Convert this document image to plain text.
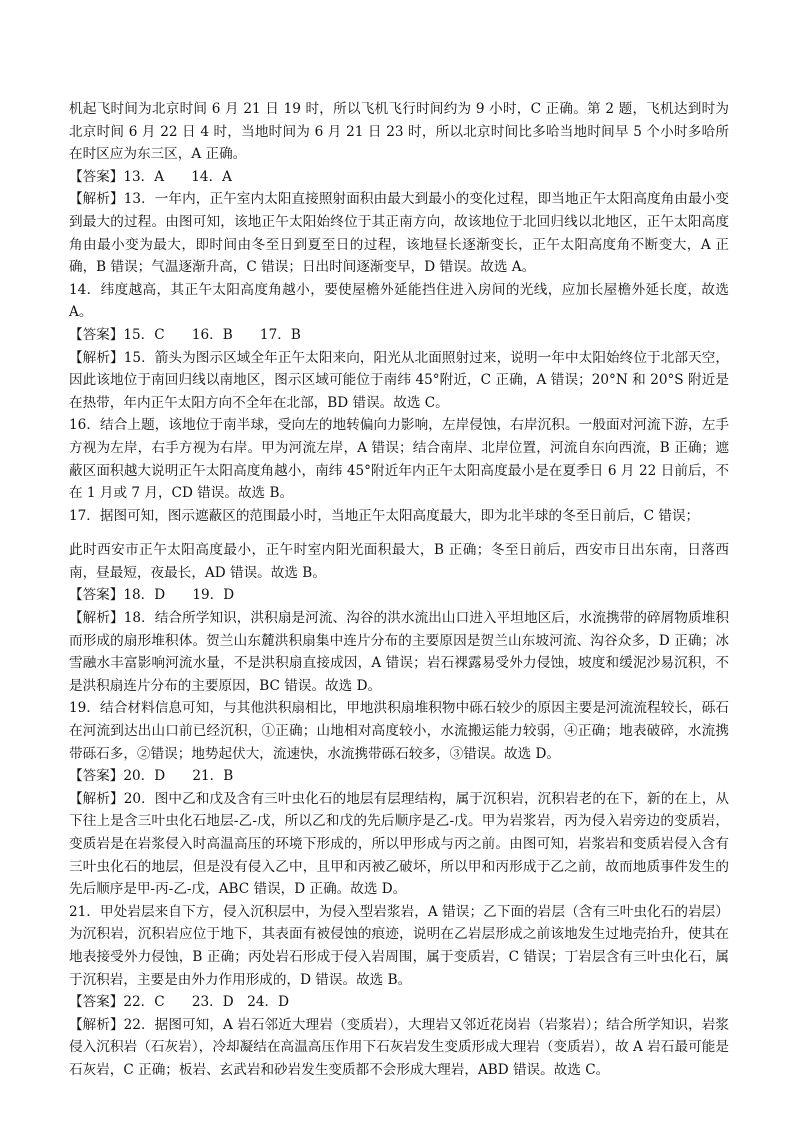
机起飞时间为北京时间 6 月 21 日 19 时，所以飞机飞行时间约为 9 小时，C 正确。第 2 题，飞机达到时为北京时间 6 月 22 日 4 时，当地时间为 6 月 21 日 23 时，所以北京时间比多哈当地时间早 5 个小时多哈所在时区应为东三区，A 正确。

【答案】13．A　　14．A

【解析】13．一年内，正午室内太阳直接照射面积由最大到最小的变化过程，即当地正午太阳高度角由最小变到最大的过程。由图可知，该地正午太阳始终位于其正南方向，故该地位于北回归线以北地区，正午太阳高度角由最小变为最大，即时间由冬至日到夏至日的过程，该地昼长逐渐变长，正午太阳高度角不断变大，A 正确，B 错误；气温逐渐升高，C 错误；日出时间逐渐变早，D 错误。故选 A。

14．纬度越高，其正午太阳高度角越小，要使屋檐外延能挡住进入房间的光线，应加长屋檐外延长度，故选 A。

【答案】15．C　　16．B　　17．B

【解析】15．箭头为图示区域全年正午太阳来向，阳光从北面照射过来，说明一年中太阳始终位于北部天空，因此该地位于南回归线以南地区，图示区域可能位于南纬 45°附近，C 正确，A 错误；20°N 和 20°S 附近是在热带，年内正午太阳方向不全年在北部，BD 错误。故选 C。

16．结合上题，该地位于南半球，受向左的地转偏向力影响，左岸侵蚀，右岸沉积。一般面对河流下游，左手方视为左岸，右手方视为右岸。甲为河流左岸，A 错误；结合南岸、北岸位置，河流自东向西流，B 正确；遮蔽区面积越大说明正午太阳高度角越小，南纬 45°附近年内正午太阳高度最小是在夏季日 6 月 22 日前后，不在 1 月或 7 月，CD 错误。故选 B。

17．据图可知，图示遮蔽区的范围最小时，当地正午太阳高度最大，即为北半球的冬至日前后，C 错误；

此时西安市正午太阳高度最小，正午时室内阳光面积最大，B 正确；冬至日前后，西安市日出东南，日落西南，昼最短，夜最长，AD 错误。故选 B。

【答案】18．D　　19．D

【解析】18．结合所学知识，洪积扇是河流、沟谷的洪水流出山口进入平坦地区后，水流携带的碎屑物质堆积而形成的扇形堆积体。贺兰山东麓洪积扇集中连片分布的主要原因是贺兰山东坡河流、沟谷众多，D 正确；冰雪融水丰富影响河流水量，不是洪积扇直接成因，A 错误；岩石裸露易受外力侵蚀，坡度和缓泥沙易沉积，不是洪积扇连片分布的主要原因，BC 错误。故选 D。

19．结合材料信息可知，与其他洪积扇相比，甲地洪积扇堆积物中砾石较少的原因主要是河流流程较长，砾石在河流到达出山口前已经沉积，①正确；山地相对高度较小，水流搬运能力较弱，④正确；地表破碎，水流携带砾石多，②错误；地势起伏大，流速快，水流携带砾石较多，③错误。故选 D。

【答案】20．D　　21．B

【解析】20．图中乙和戊及含有三叶虫化石的地层有层理结构，属于沉积岩，沉积岩老的在下，新的在上，从下往上是含三叶虫化石地层-乙-戊，所以乙和戊的先后顺序是乙-戊。甲为岩浆岩，丙为侵入岩旁边的变质岩，变质岩是在岩浆侵入时高温高压的环境下形成的，所以甲形成与丙之前。由图可知，岩浆岩和变质岩侵入含有三叶虫化石的地层，但是没有侵入乙中，且甲和丙被乙破坏，所以甲和丙形成于乙之前，故而地质事件发生的先后顺序是甲-丙-乙-戊，ABC 错误，D 正确。故选 D。

21．甲处岩层来自下方，侵入沉积层中，为侵入型岩浆岩，A 错误；乙下面的岩层（含有三叶虫化石的岩层）为沉积岩，沉积岩应位于地下，其表面有被侵蚀的痕迹，说明在乙岩层形成之前该地发生过地壳抬升，使其在地表接受外力侵蚀，B 正确；丙处岩石形成于侵入岩周围，属于变质岩，C 错误；丁岩层含有三叶虫化石，属于沉积岩，主要是由外力作用形成的，D 错误。故选 B。

【答案】22．C　　23．D　24．D

【解析】22．据图可知，A 岩石邻近大理岩（变质岩），大理岩又邻近花岗岩（岩浆岩）；结合所学知识，岩浆侵入沉积岩（石灰岩），冷却凝结在高温高压作用下石灰岩发生变质形成大理岩（变质岩），故 A 岩石最可能是石灰岩，C 正确；板岩、玄武岩和砂岩发生变质都不会形成大理岩，ABD 错误。故选 C。
